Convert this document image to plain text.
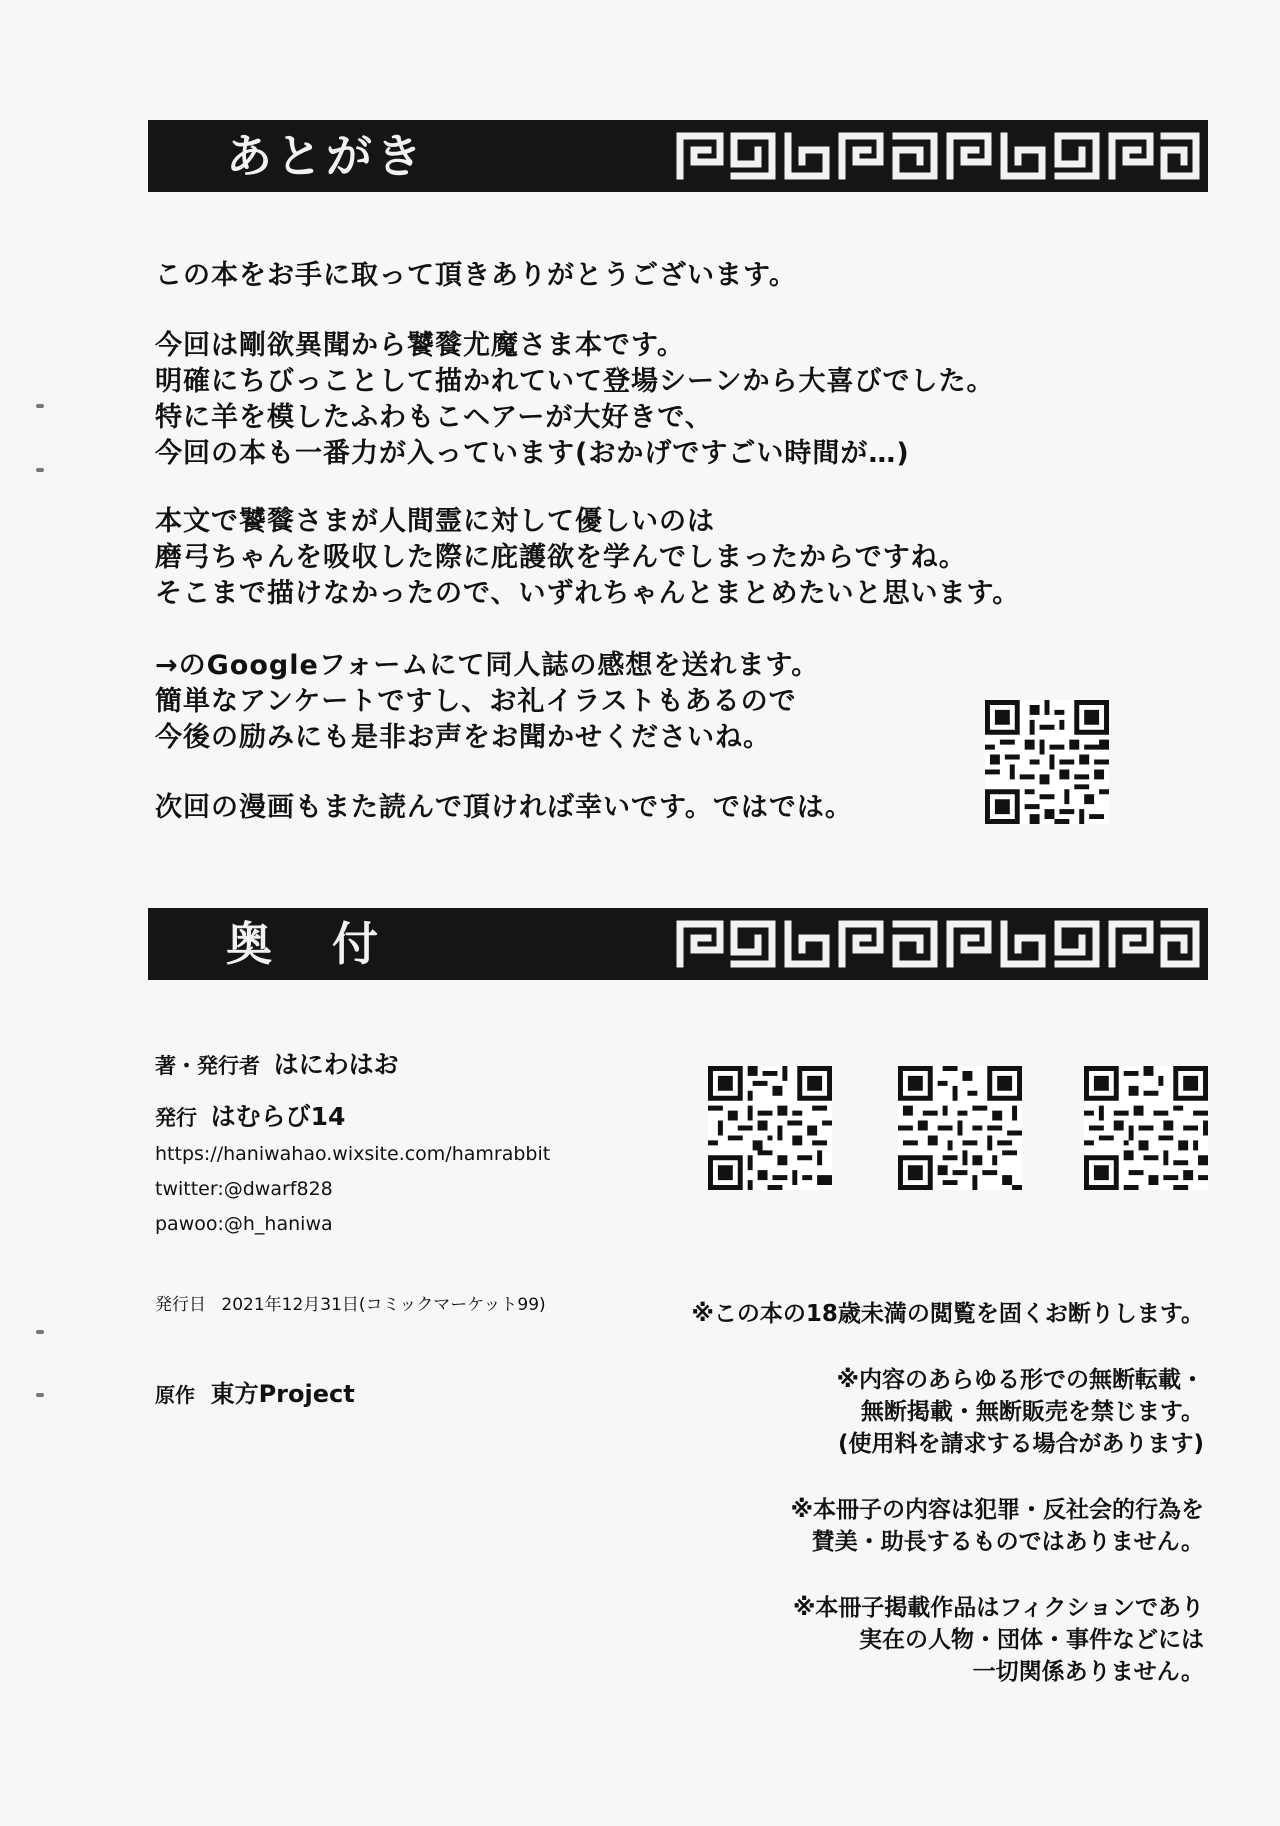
あとがき
この本をお手に取って頂きありがとうございます。
今回は剛欲異聞から饕餮尤魔さま本です。
明確にちびっことして描かれていて登場シーンから大喜びでした。
特に羊を模したふわもこヘアーが大好きで、
今回の本も一番力が入っています(おかげですごい時間が…)
本文で饕餮さまが人間霊に対して優しいのは
磨弓ちゃんを吸収した際に庇護欲を学んでしまったからですね。
そこまで描けなかったので、いずれちゃんとまとめたいと思います。
→のGoogleフォームにて同人誌の感想を送れます。
簡単なアンケートですし、お礼イラストもあるので
今後の励みにも是非お声をお聞かせくださいね。
次回の漫画もまた読んで頂ければ幸いです。ではでは。
奥 付
著・発行者 はにわはお
発行 はむらび14
https://haniwahao.wixsite.com/hamrabbit
twitter:@dwarf828
pawoo:@h_haniwa
発行日 2021年12月31日(コミックマーケット99)
原作 東方Project
※この本の18歳未満の閲覧を固くお断りします。
※内容のあらゆる形での無断転載・
無断掲載・無断販売を禁じます。
(使用料を請求する場合があります)
※本冊子の内容は犯罪・反社会的行為を
賛美・助長するものではありません。
※本冊子掲載作品はフィクションであり
実在の人物・団体・事件などには
一切関係ありません。
